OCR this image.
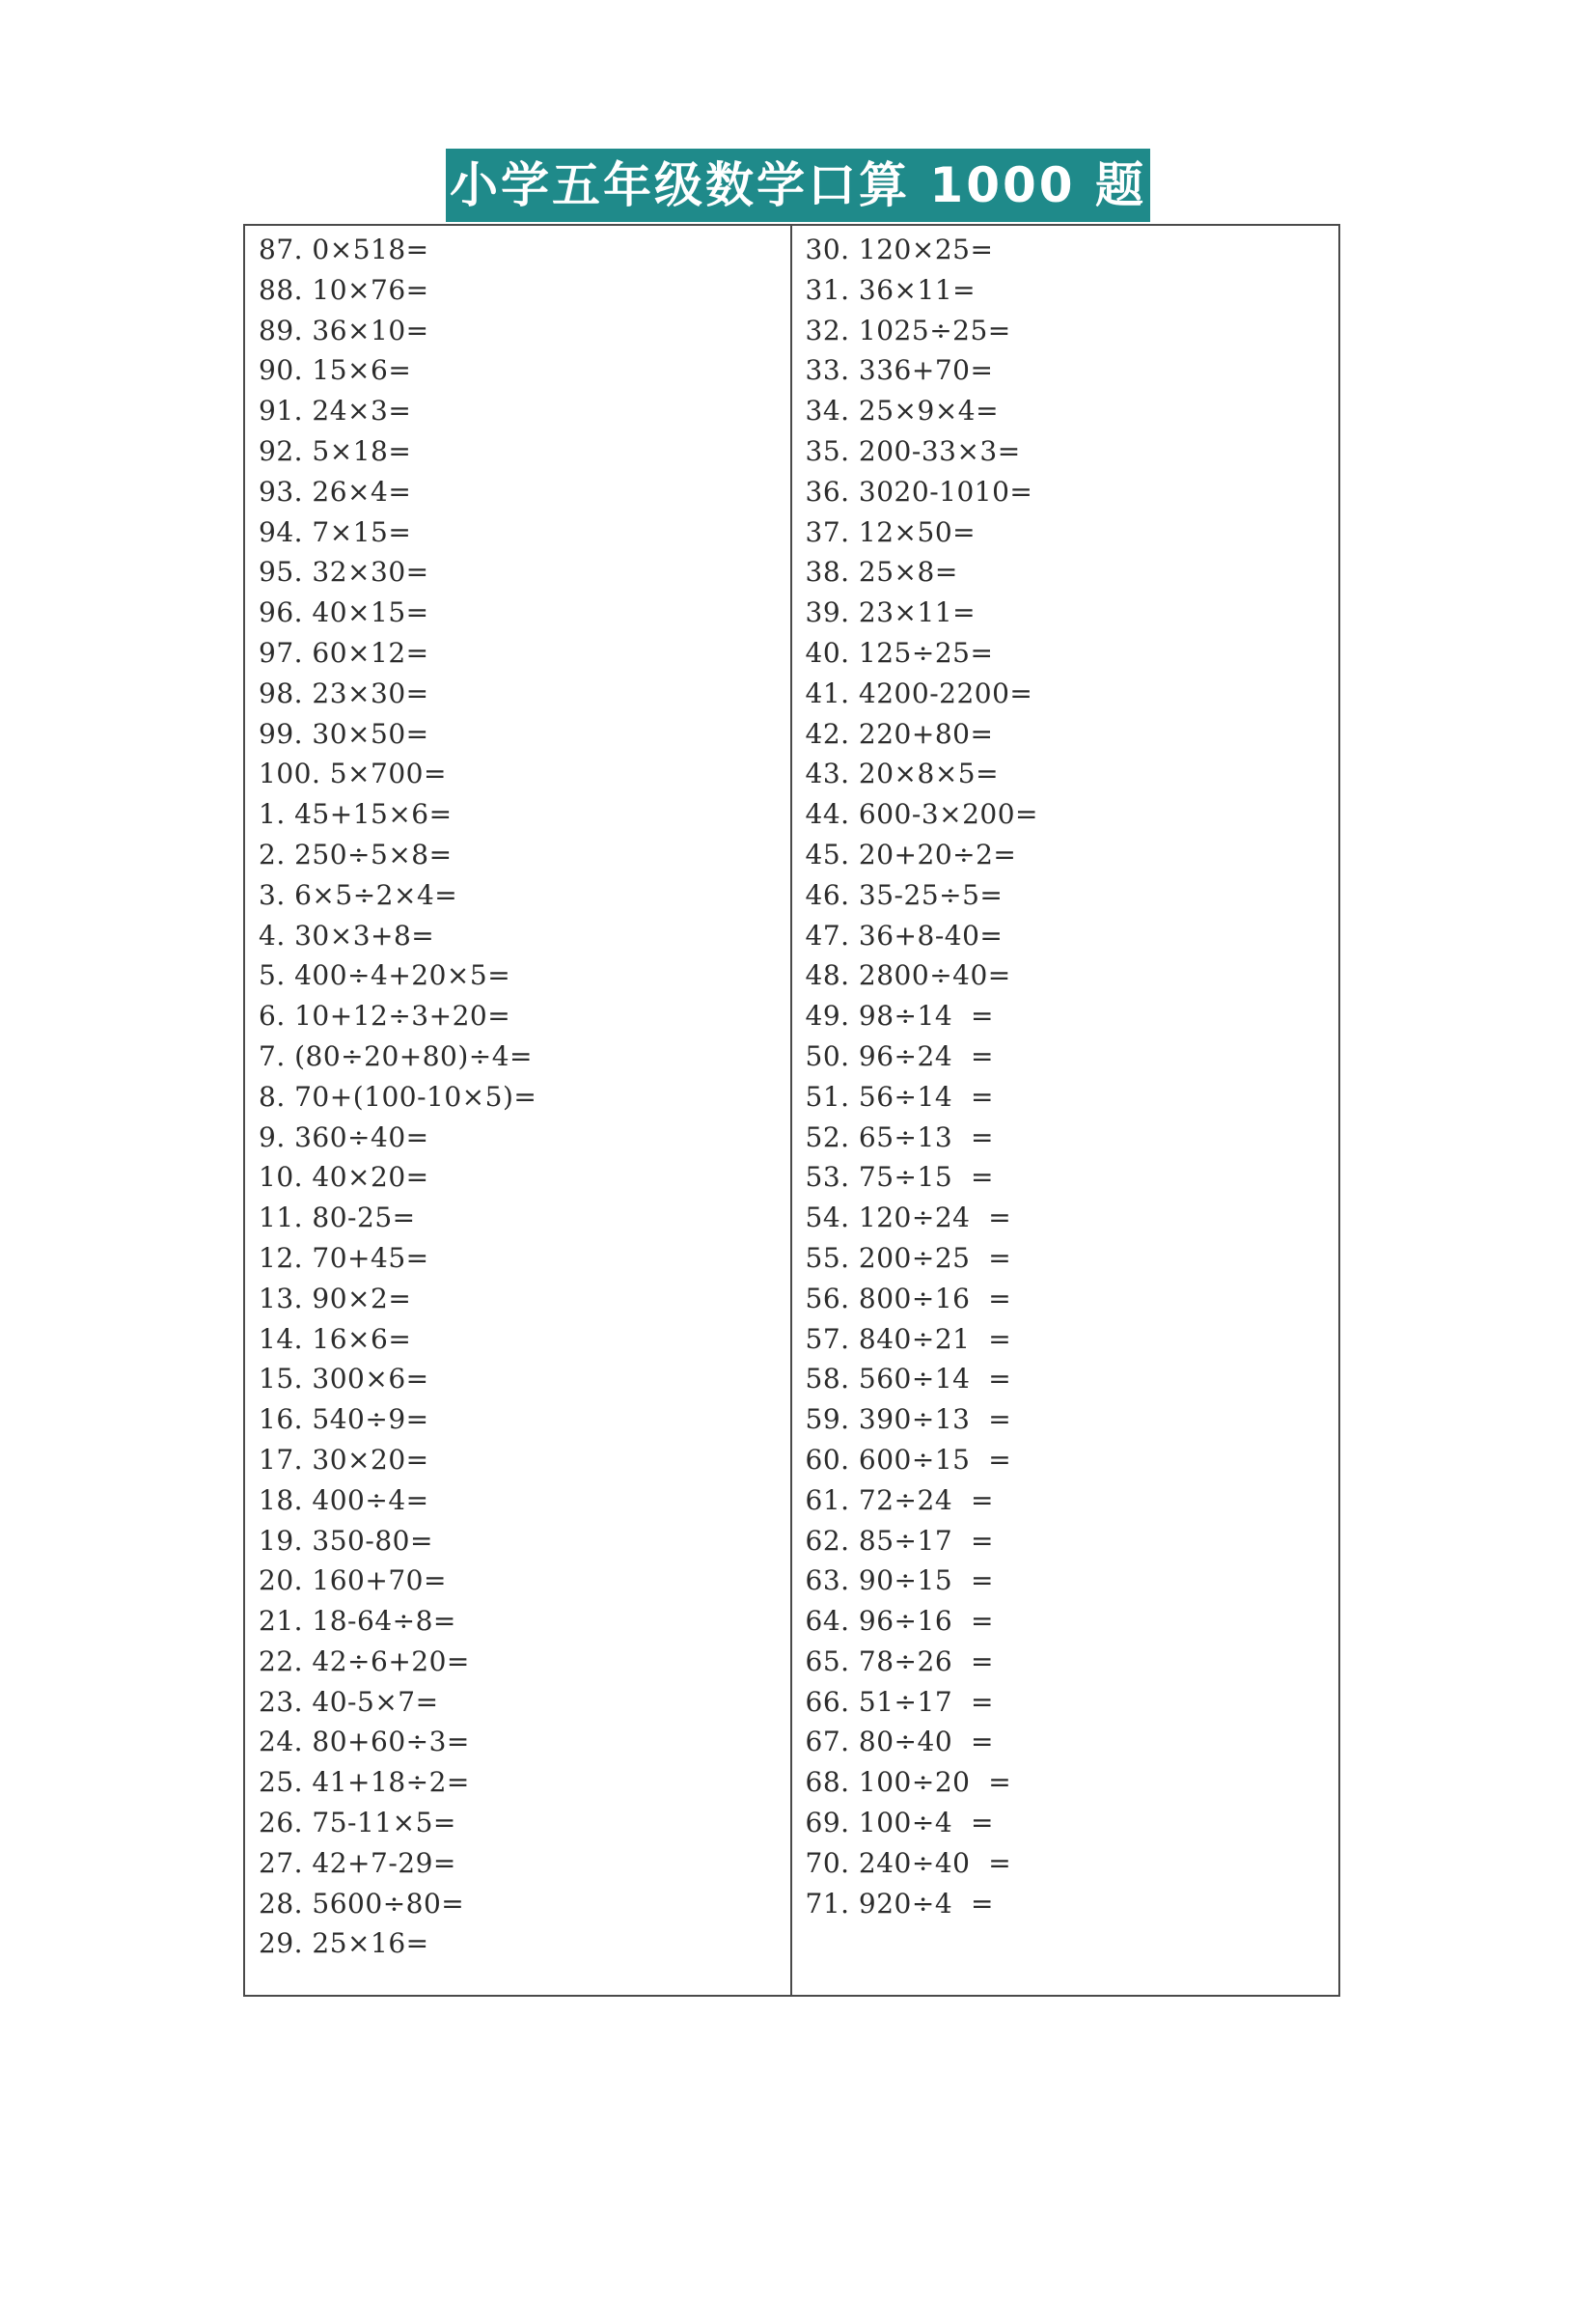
小学五年级数学口算 1000 题
87. 0×518=
88. 10×76=
89. 36×10=
90. 15×6=
91. 24×3=
92. 5×18=
93. 26×4=
94. 7×15=
95. 32×30=
96. 40×15=
97. 60×12=
98. 23×30=
99. 30×50=
100. 5×700=
1. 45+15×6=
2. 250÷5×8=
3. 6×5÷2×4=
4. 30×3+8=
5. 400÷4+20×5=
6. 10+12÷3+20=
7. (80÷20+80)÷4=
8. 70+(100-10×5)=
9. 360÷40=
10. 40×20=
11. 80-25=
12. 70+45=
13. 90×2=
14. 16×6=
15. 300×6=
16. 540÷9=
17. 30×20=
18. 400÷4=
19. 350-80=
20. 160+70=
21. 18-64÷8=
22. 42÷6+20=
23. 40-5×7=
24. 80+60÷3=
25. 41+18÷2=
26. 75-11×5=
27. 42+7-29=
28. 5600÷80=
29. 25×16=
30. 120×25=
31. 36×11=
32. 1025÷25=
33. 336+70=
34. 25×9×4=
35. 200-33×3=
36. 3020-1010=
37. 12×50=
38. 25×8=
39. 23×11=
40. 125÷25=
41. 4200-2200=
42. 220+80=
43. 20×8×5=
44. 600-3×200=
45. 20+20÷2=
46. 35-25÷5=
47. 36+8-40=
48. 2800÷40=
49. 98÷14  =
50. 96÷24  =
51. 56÷14  =
52. 65÷13  =
53. 75÷15  =
54. 120÷24  =
55. 200÷25  =
56. 800÷16  =
57. 840÷21  =
58. 560÷14  =
59. 390÷13  =
60. 600÷15  =
61. 72÷24  =
62. 85÷17  =
63. 90÷15  =
64. 96÷16  =
65. 78÷26  =
66. 51÷17  =
67. 80÷40  =
68. 100÷20  =
69. 100÷4  =
70. 240÷40  =
71. 920÷4  =
